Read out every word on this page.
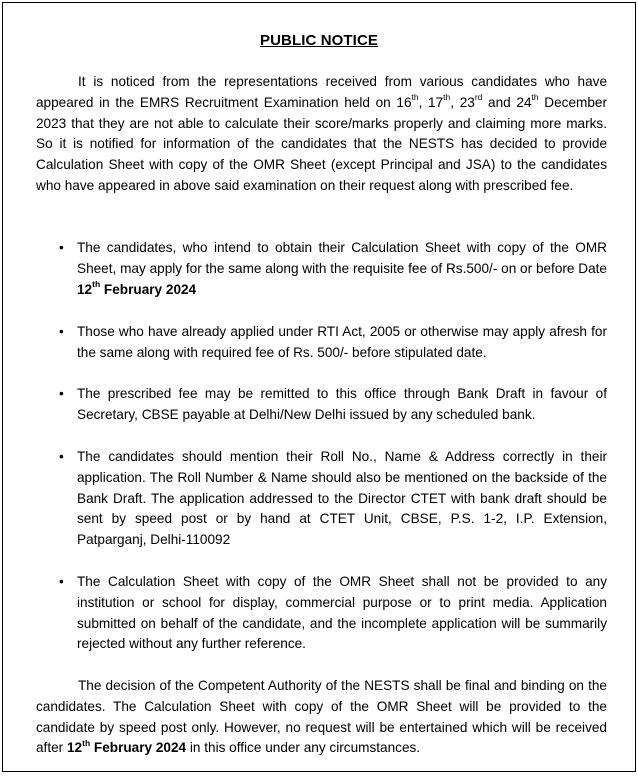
PUBLIC NOTICE
It is noticed from the representations received from various candidates who have appeared in the EMRS Recruitment Examination held on 16th, 17th, 23rd and 24th December 2023 that they are not able to calculate their score/marks properly and claiming more marks. So it is notified for information of the candidates that the NESTS has decided to provide Calculation Sheet with copy of the OMR Sheet (except Principal and JSA) to the candidates who have appeared in above said examination on their request along with prescribed fee.
• The candidates, who intend to obtain their Calculation Sheet with copy of the OMR Sheet, may apply for the same along with the requisite fee of Rs.500/- on or before Date 12th February 2024
• Those who have already applied under RTI Act, 2005 or otherwise may apply afresh for the same along with required fee of Rs. 500/- before stipulated date.
• The prescribed fee may be remitted to this office through Bank Draft in favour of Secretary, CBSE payable at Delhi/New Delhi issued by any scheduled bank.
• The candidates should mention their Roll No., Name & Address correctly in their application. The Roll Number & Name should also be mentioned on the backside of the Bank Draft. The application addressed to the Director CTET with bank draft should be sent by speed post or by hand at CTET Unit, CBSE, P.S. 1-2, I.P. Extension, Patparganj, Delhi-110092
• The Calculation Sheet with copy of the OMR Sheet shall not be provided to any institution or school for display, commercial purpose or to print media. Application submitted on behalf of the candidate, and the incomplete application will be summarily rejected without any further reference.
The decision of the Competent Authority of the NESTS shall be final and binding on the candidates. The Calculation Sheet with copy of the OMR Sheet will be provided to the candidate by speed post only. However, no request will be entertained which will be received after 12th February 2024 in this office under any circumstances.
